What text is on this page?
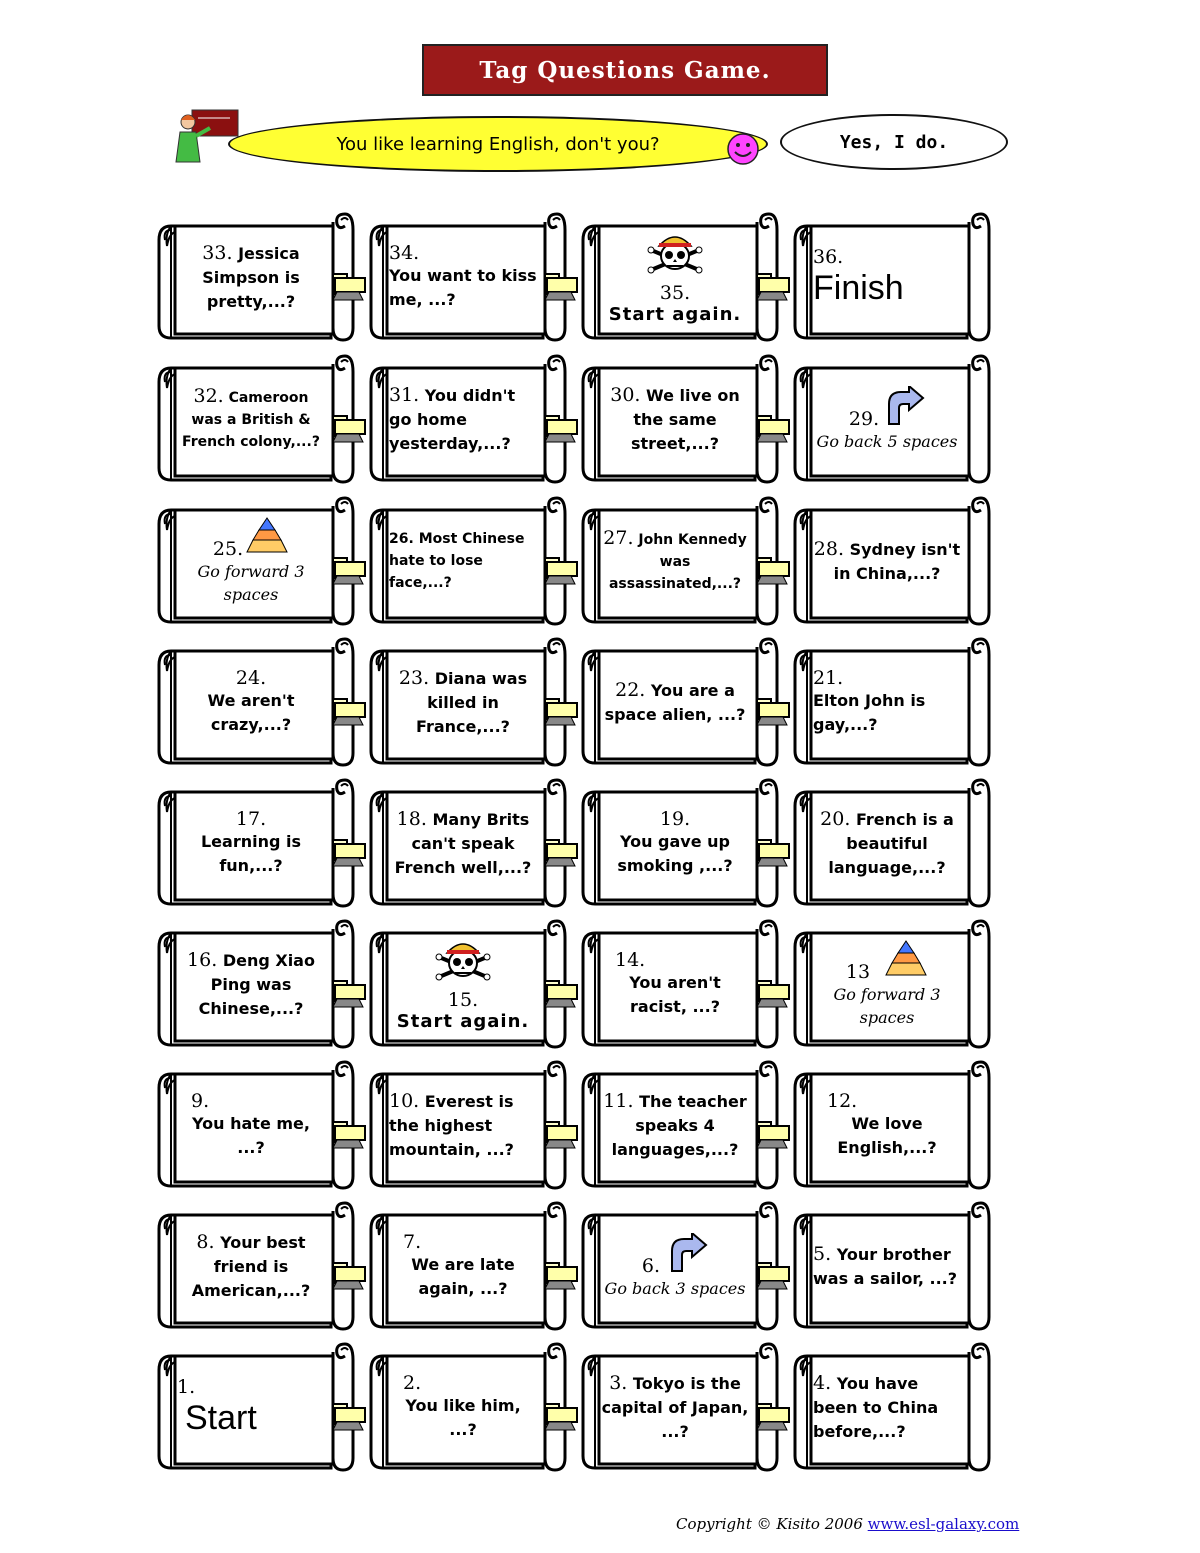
Tag Questions Game.
You like learning English, don't you?	Yes, I do.
33. Jessica Simpson is pretty,...?
34.
You want to kiss me, ...?	35.
Start again.
36.
Finish
32. Cameroon was a British & French colony,...?
31. You didn't go home yesterday,...?
30. We live on the same street,...?
29.
Go back 5 spaces
25.
Go forward 3 spaces
26. Most Chinese hate to lose face,...?
27. John Kennedy was assassinated,...?
28. Sydney isn't in China,...?
24.
We aren't crazy,...?
23. Diana was killed in France,...?
22. You are a space alien, ...?
21.
Elton John is gay,...?
17.
Learning is fun,...?
18. Many Brits can't speak French well,...?
19.
You gave up smoking ,...?
20. French is a beautiful language,...?
16. Deng Xiao Ping was Chinese,...?	15.
Start again.
14.
You aren't racist, ...?
13
Go forward 3 spaces
9.
You hate me, ...?
10. Everest is the highest mountain, ...?
11. The teacher speaks 4 languages,...?
12.
We love English,...?
8. Your best friend is American,...?
7.
We are late again, ...?
6.
Go back 3 spaces
5. Your brother was a sailor, ...?
1.
Start
2.
You like him, ...?
3. Tokyo is the capital of Japan, ...?
4. You have been to China before,...?
Copyright © Kisito 2006 www.esl-galaxy.com
